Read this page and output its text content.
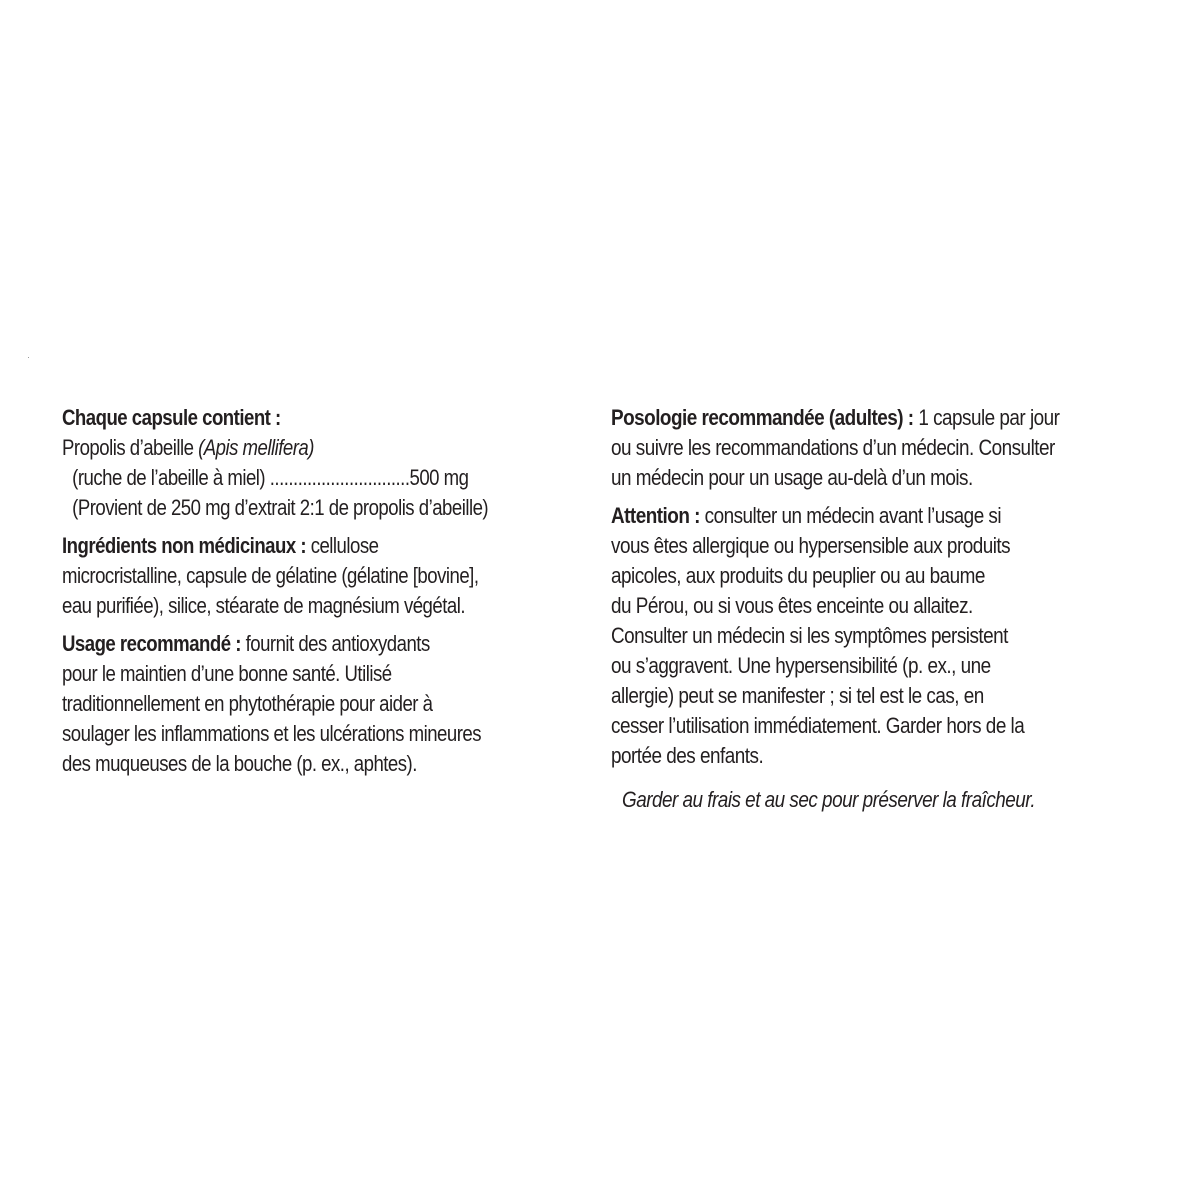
Chaque capsule contient :
Propolis d’abeille (Apis mellifera)
(ruche de l’abeille à miel) ..............................500 mg
(Provient de 250 mg d’extrait 2:1 de propolis d’abeille)
Ingrédients non médicinaux : cellulose
microcristalline, capsule de gélatine (gélatine [bovine],
eau purifiée), silice, stéarate de magnésium végétal.
Usage recommandé : fournit des antioxydants
pour le maintien d’une bonne santé. Utilisé
traditionnellement en phytothérapie pour aider à
soulager les inflammations et les ulcérations mineures
des muqueuses de la bouche (p. ex., aphtes).
Posologie recommandée (adultes) : 1 capsule par jour
ou suivre les recommandations d’un médecin. Consulter
un médecin pour un usage au-delà d’un mois.
Attention : consulter un médecin avant l’usage si
vous êtes allergique ou hypersensible aux produits
apicoles, aux produits du peuplier ou au baume
du Pérou, ou si vous êtes enceinte ou allaitez.
Consulter un médecin si les symptômes persistent
ou s’aggravent. Une hypersensibilité (p. ex., une
allergie) peut se manifester ; si tel est le cas, en
cesser l’utilisation immédiatement. Garder hors de la
portée des enfants.
Garder au frais et au sec pour préserver la fraîcheur.
